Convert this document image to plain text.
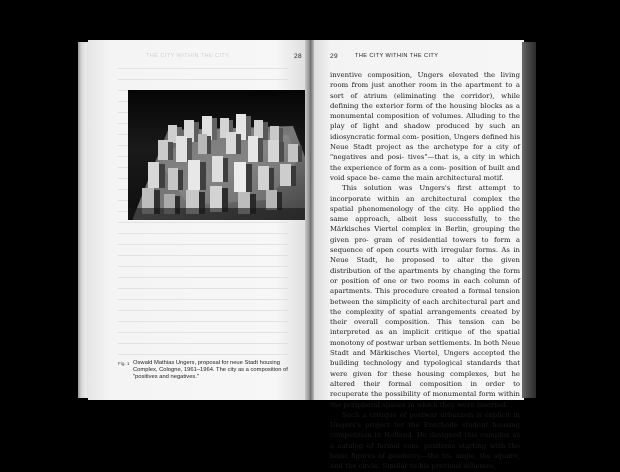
THE CITY WITHIN THE CITY	28
Fig. 1 Oswald Mathias Ungers, proposal for neue Stadt housing Complex, Cologne, 1961–1964. The city as a composition of "positives and negatives."
29	THE CITY WITHIN THE CITY

inventive composition, Ungers elevated the living room from just another room in the apartment to a sort of atrium (eliminating the corridor), while defining the exterior form of the housing blocks as a monumental composition of volumes. Alluding to the play of light and shadow produced by such an idiosyncratic formal com- position, Ungers defined his Neue Stadt project as the archetype for a city of "negatives and posi- tives"—that is, a city in which the experience of form as a com- position of built and void space be- came the main architectural motif.

This solution was Ungers's first attempt to incorporate within an architectural complex the spatial phenomenology of the city. He applied the same approach, albeit less successfully, to the Märkisches Viertel complex in Berlin, grouping the given pro- gram of residential towers to form a sequence of open courts with irregular forms. As in Neue Stadt, he proposed to alter the given distribution of the apartments by changing the form or position of one or two rooms in each column of apartments. This procedure created a formal tension between the simplicity of each architectural part and the complexity of spatial arrangements created by their overall composition. This tension can be interpreted as an implicit critique of the spatial monotony of postwar urban settlements. In both Neue Stadt and Märkisches Viertel, Ungers accepted the building technology and typological standards that were given for these housing complexes, but he altered their formal composition in order to recuperate the possibility of monumental form within the peripheral spaces in which they were inserted.

Such a critique of postwar urbanism is explicit in Ungers's project for the Enschede student housing competition in Holland. He designed this complex as a catalog of formal com- positions starting with the basic figures of geometry—the tri- angle, the square, and the circle. Similar to his previous schemes,
